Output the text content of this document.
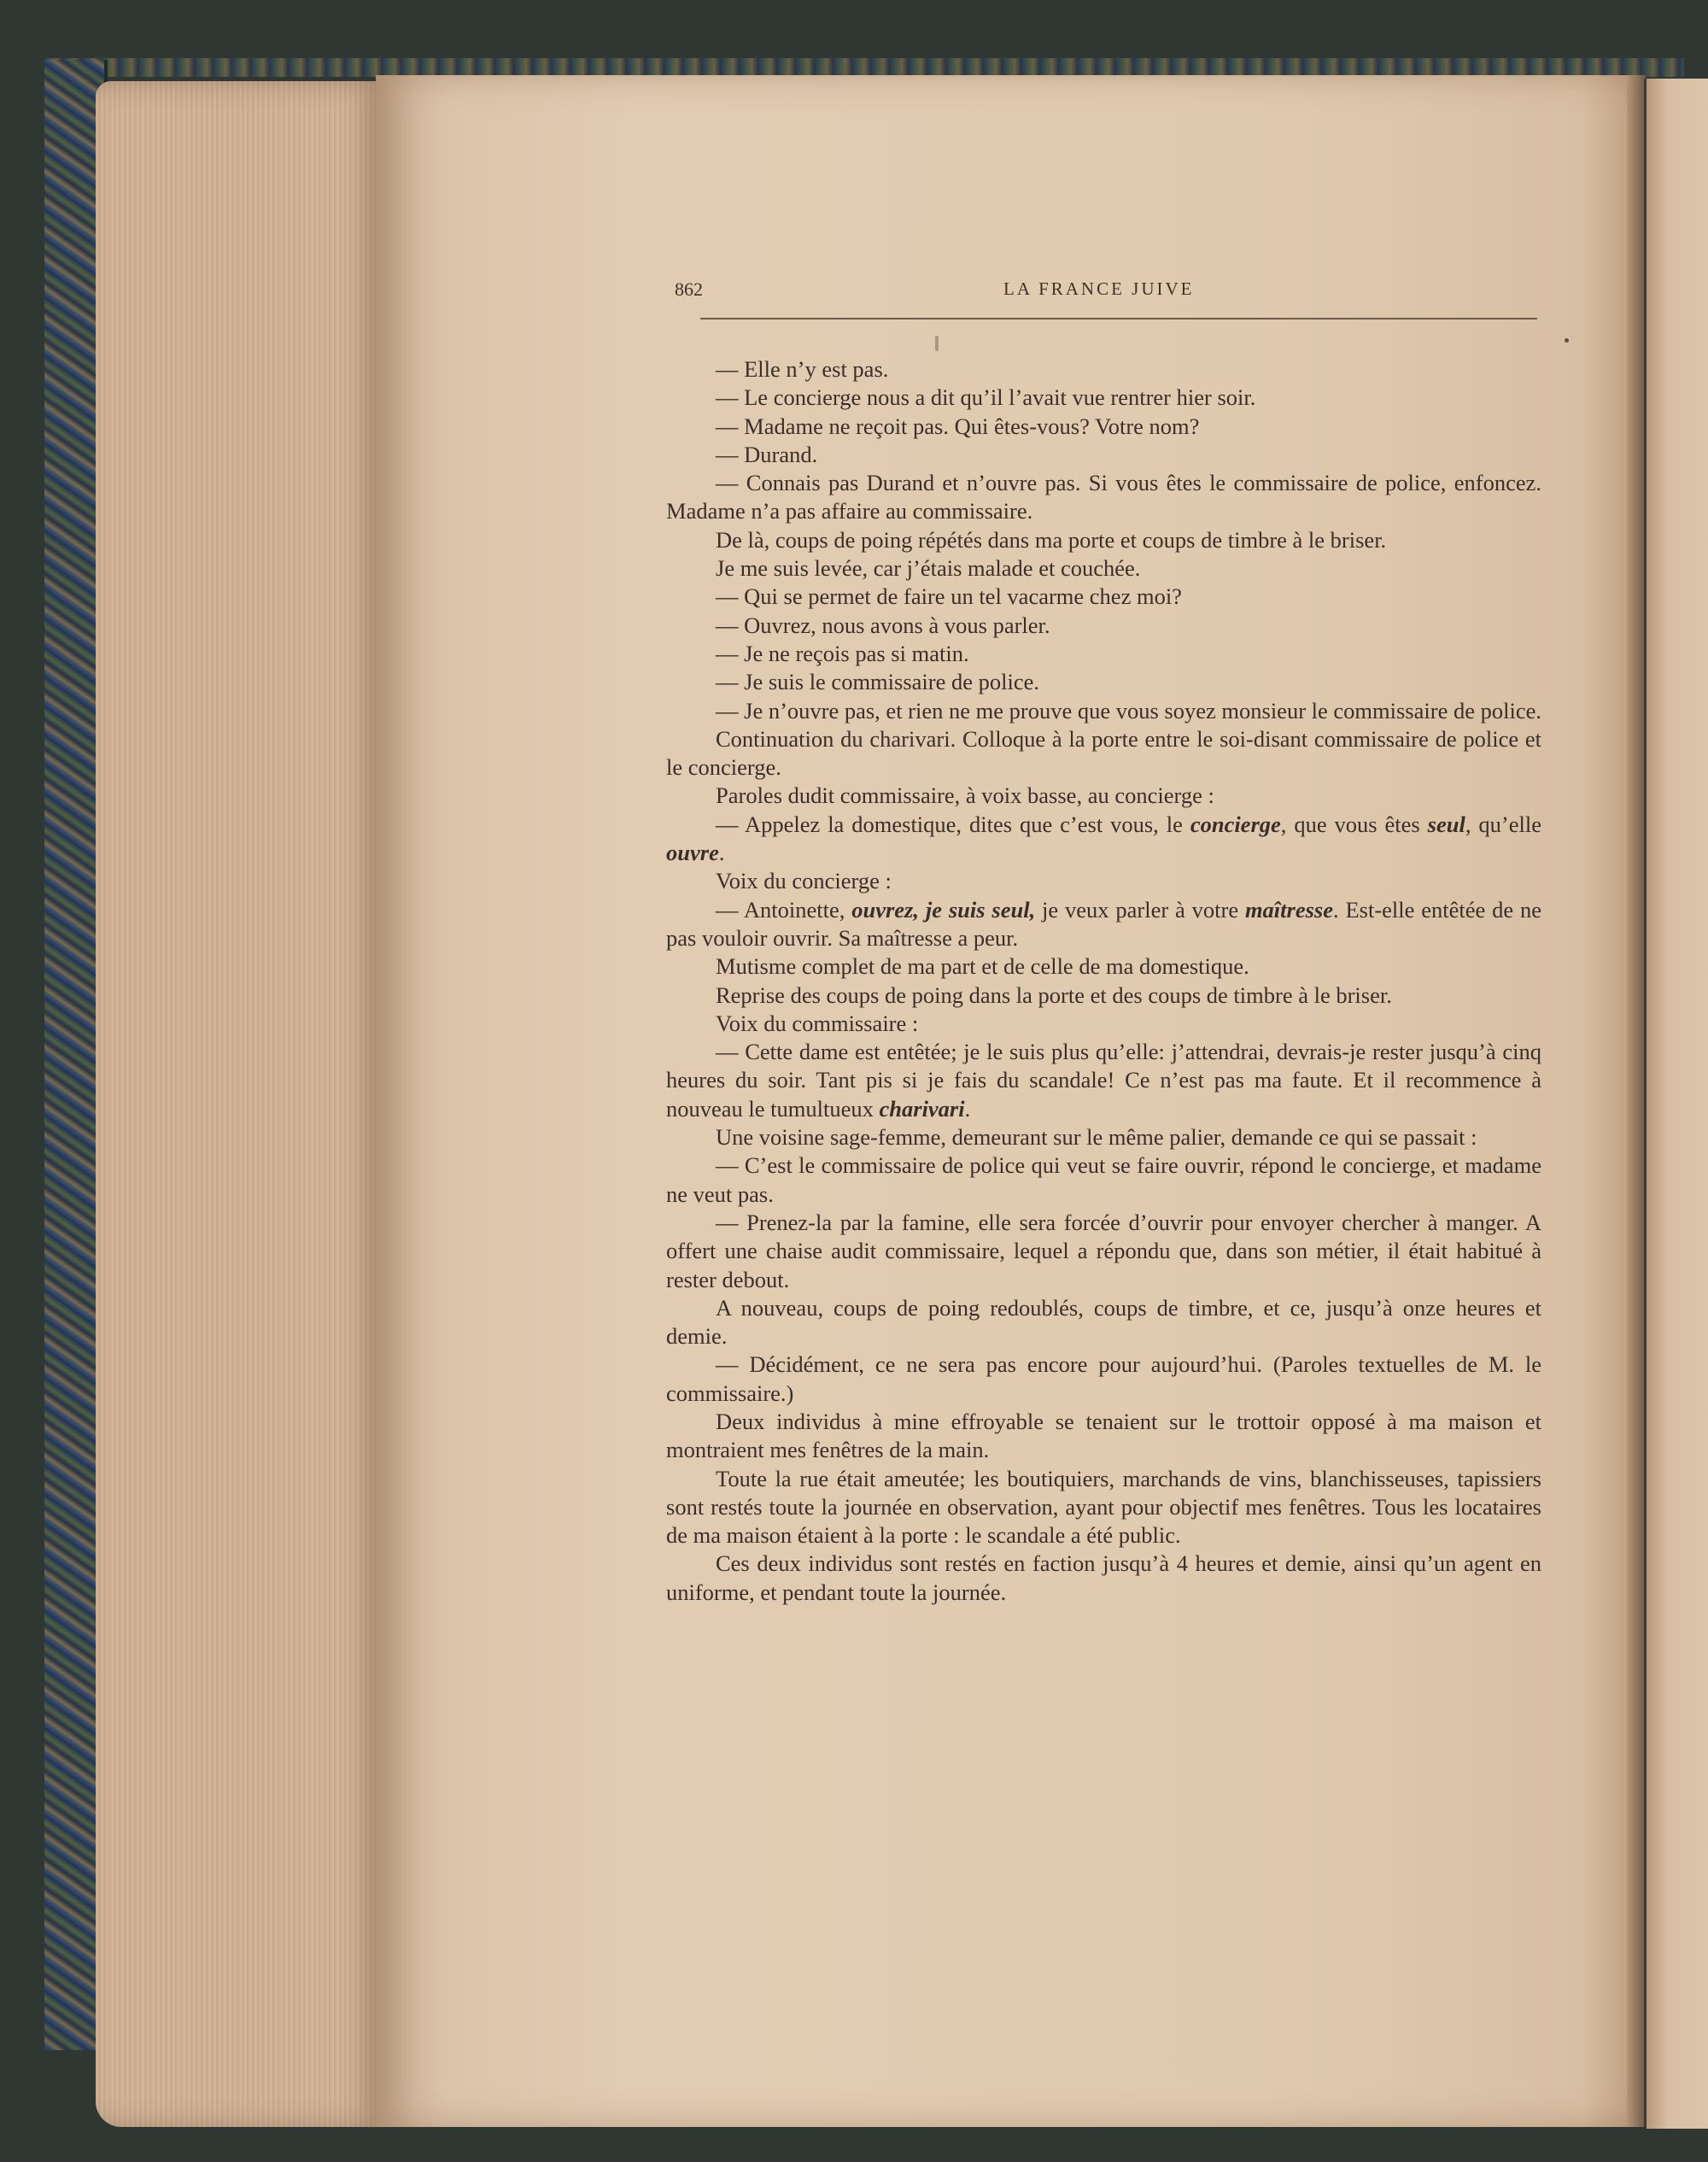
862	LA FRANCE JUIVE

— Elle n’y est pas.

— Le concierge nous a dit qu’il l’avait vue rentrer hier soir.

— Madame ne reçoit pas. Qui êtes-vous? Votre nom?

— Durand.

— Connais pas Durand et n’ouvre pas. Si vous êtes le commissaire de police, enfoncez. Madame n’a pas affaire au commissaire.

De là, coups de poing répétés dans ma porte et coups de timbre à le briser.

Je me suis levée, car j’étais malade et couchée.

— Qui se permet de faire un tel vacarme chez moi?

— Ouvrez, nous avons à vous parler.

— Je ne reçois pas si matin.

— Je suis le commissaire de police.

— Je n’ouvre pas, et rien ne me prouve que vous soyez monsieur le commissaire de police.

Continuation du charivari. Colloque à la porte entre le soi-disant commissaire de police et le concierge.

Paroles dudit commissaire, à voix basse, au concierge :

— Appelez la domestique, dites que c’est vous, le concierge, que vous êtes seul, qu’elle ouvre.

Voix du concierge :

— Antoinette, ouvrez, je suis seul, je veux parler à votre maîtresse. Est-elle entêtée de ne pas vouloir ouvrir. Sa maîtresse a peur.

Mutisme complet de ma part et de celle de ma domestique.

Reprise des coups de poing dans la porte et des coups de timbre à le briser.

Voix du commissaire :

— Cette dame est entêtée; je le suis plus qu’elle: j’attendrai, devrais-je rester jusqu’à cinq heures du soir. Tant pis si je fais du scandale! Ce n’est pas ma faute. Et il recommence à nouveau le tumultueux charivari.

Une voisine sage-femme, demeurant sur le même palier, demande ce qui se passait :

— C’est le commissaire de police qui veut se faire ouvrir, répond le concierge, et madame ne veut pas.

— Prenez-la par la famine, elle sera forcée d’ouvrir pour envoyer chercher à manger. A offert une chaise audit commissaire, lequel a répondu que, dans son métier, il était habitué à rester debout.

A nouveau, coups de poing redoublés, coups de timbre, et ce, jusqu’à onze heures et demie.

— Décidément, ce ne sera pas encore pour aujourd’hui. (Paroles textuelles de M. le commissaire.)

Deux individus à mine effroyable se tenaient sur le trottoir opposé à ma maison et montraient mes fenêtres de la main.

Toute la rue était ameutée; les boutiquiers, marchands de vins, blanchisseuses, tapissiers sont restés toute la journée en observation, ayant pour objectif mes fenêtres. Tous les locataires de ma maison étaient à la porte : le scandale a été public.

Ces deux individus sont restés en faction jusqu’à 4 heures et demie, ainsi qu’un agent en uniforme, et pendant toute la journée.
